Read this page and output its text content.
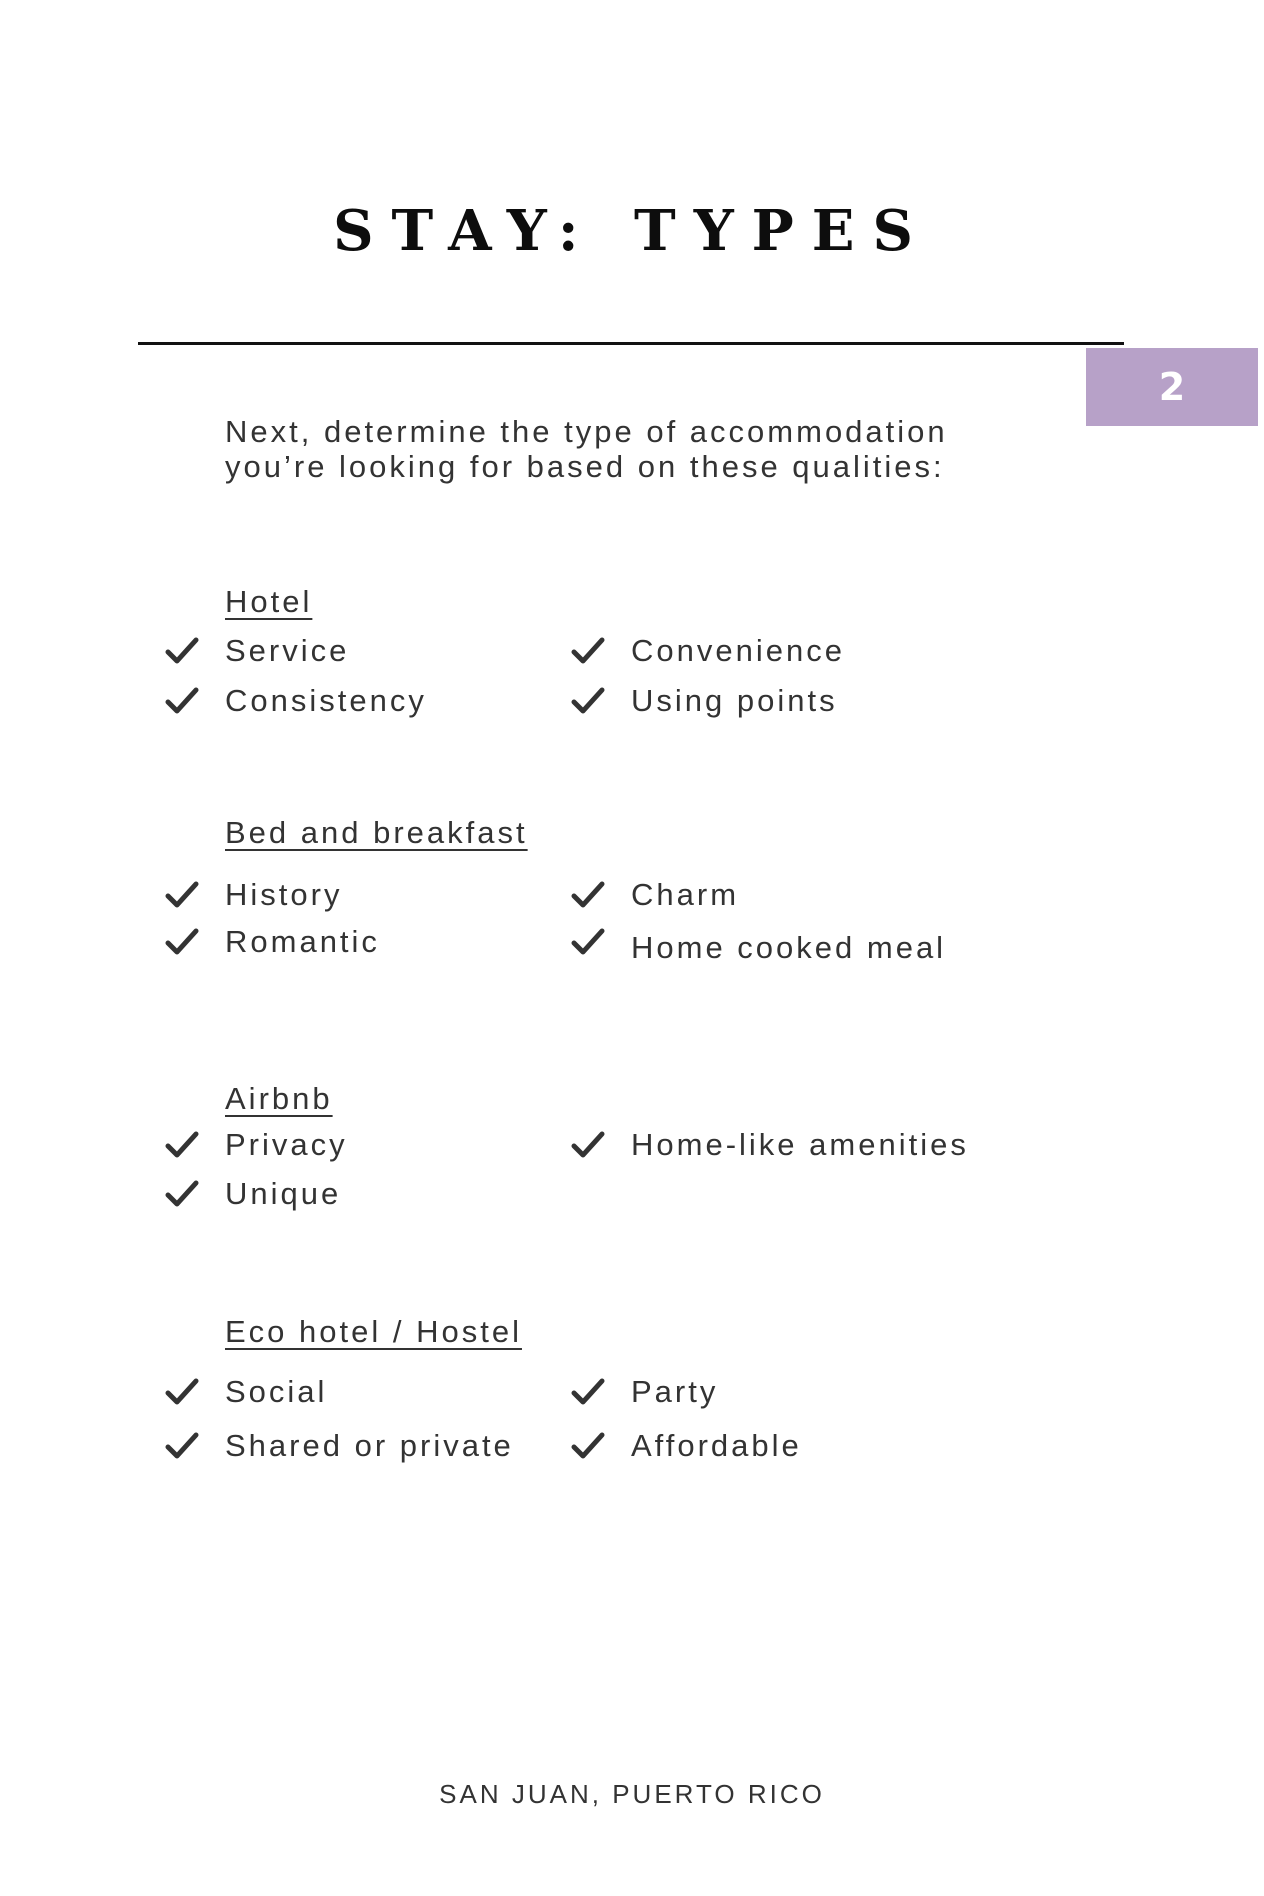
STAY: TYPES
2

Next, determine the type of accommodation
you’re looking for based on these qualities:

Hotel
Service	Convenience
Consistency	Using points
Bed and breakfast
History	Charm
Romantic	Home cooked meal
Airbnb
Privacy	Home-like amenities
Unique
Eco hotel / Hostel
Social	Party
Shared or private	Affordable
SAN JUAN, PUERTO RICO
